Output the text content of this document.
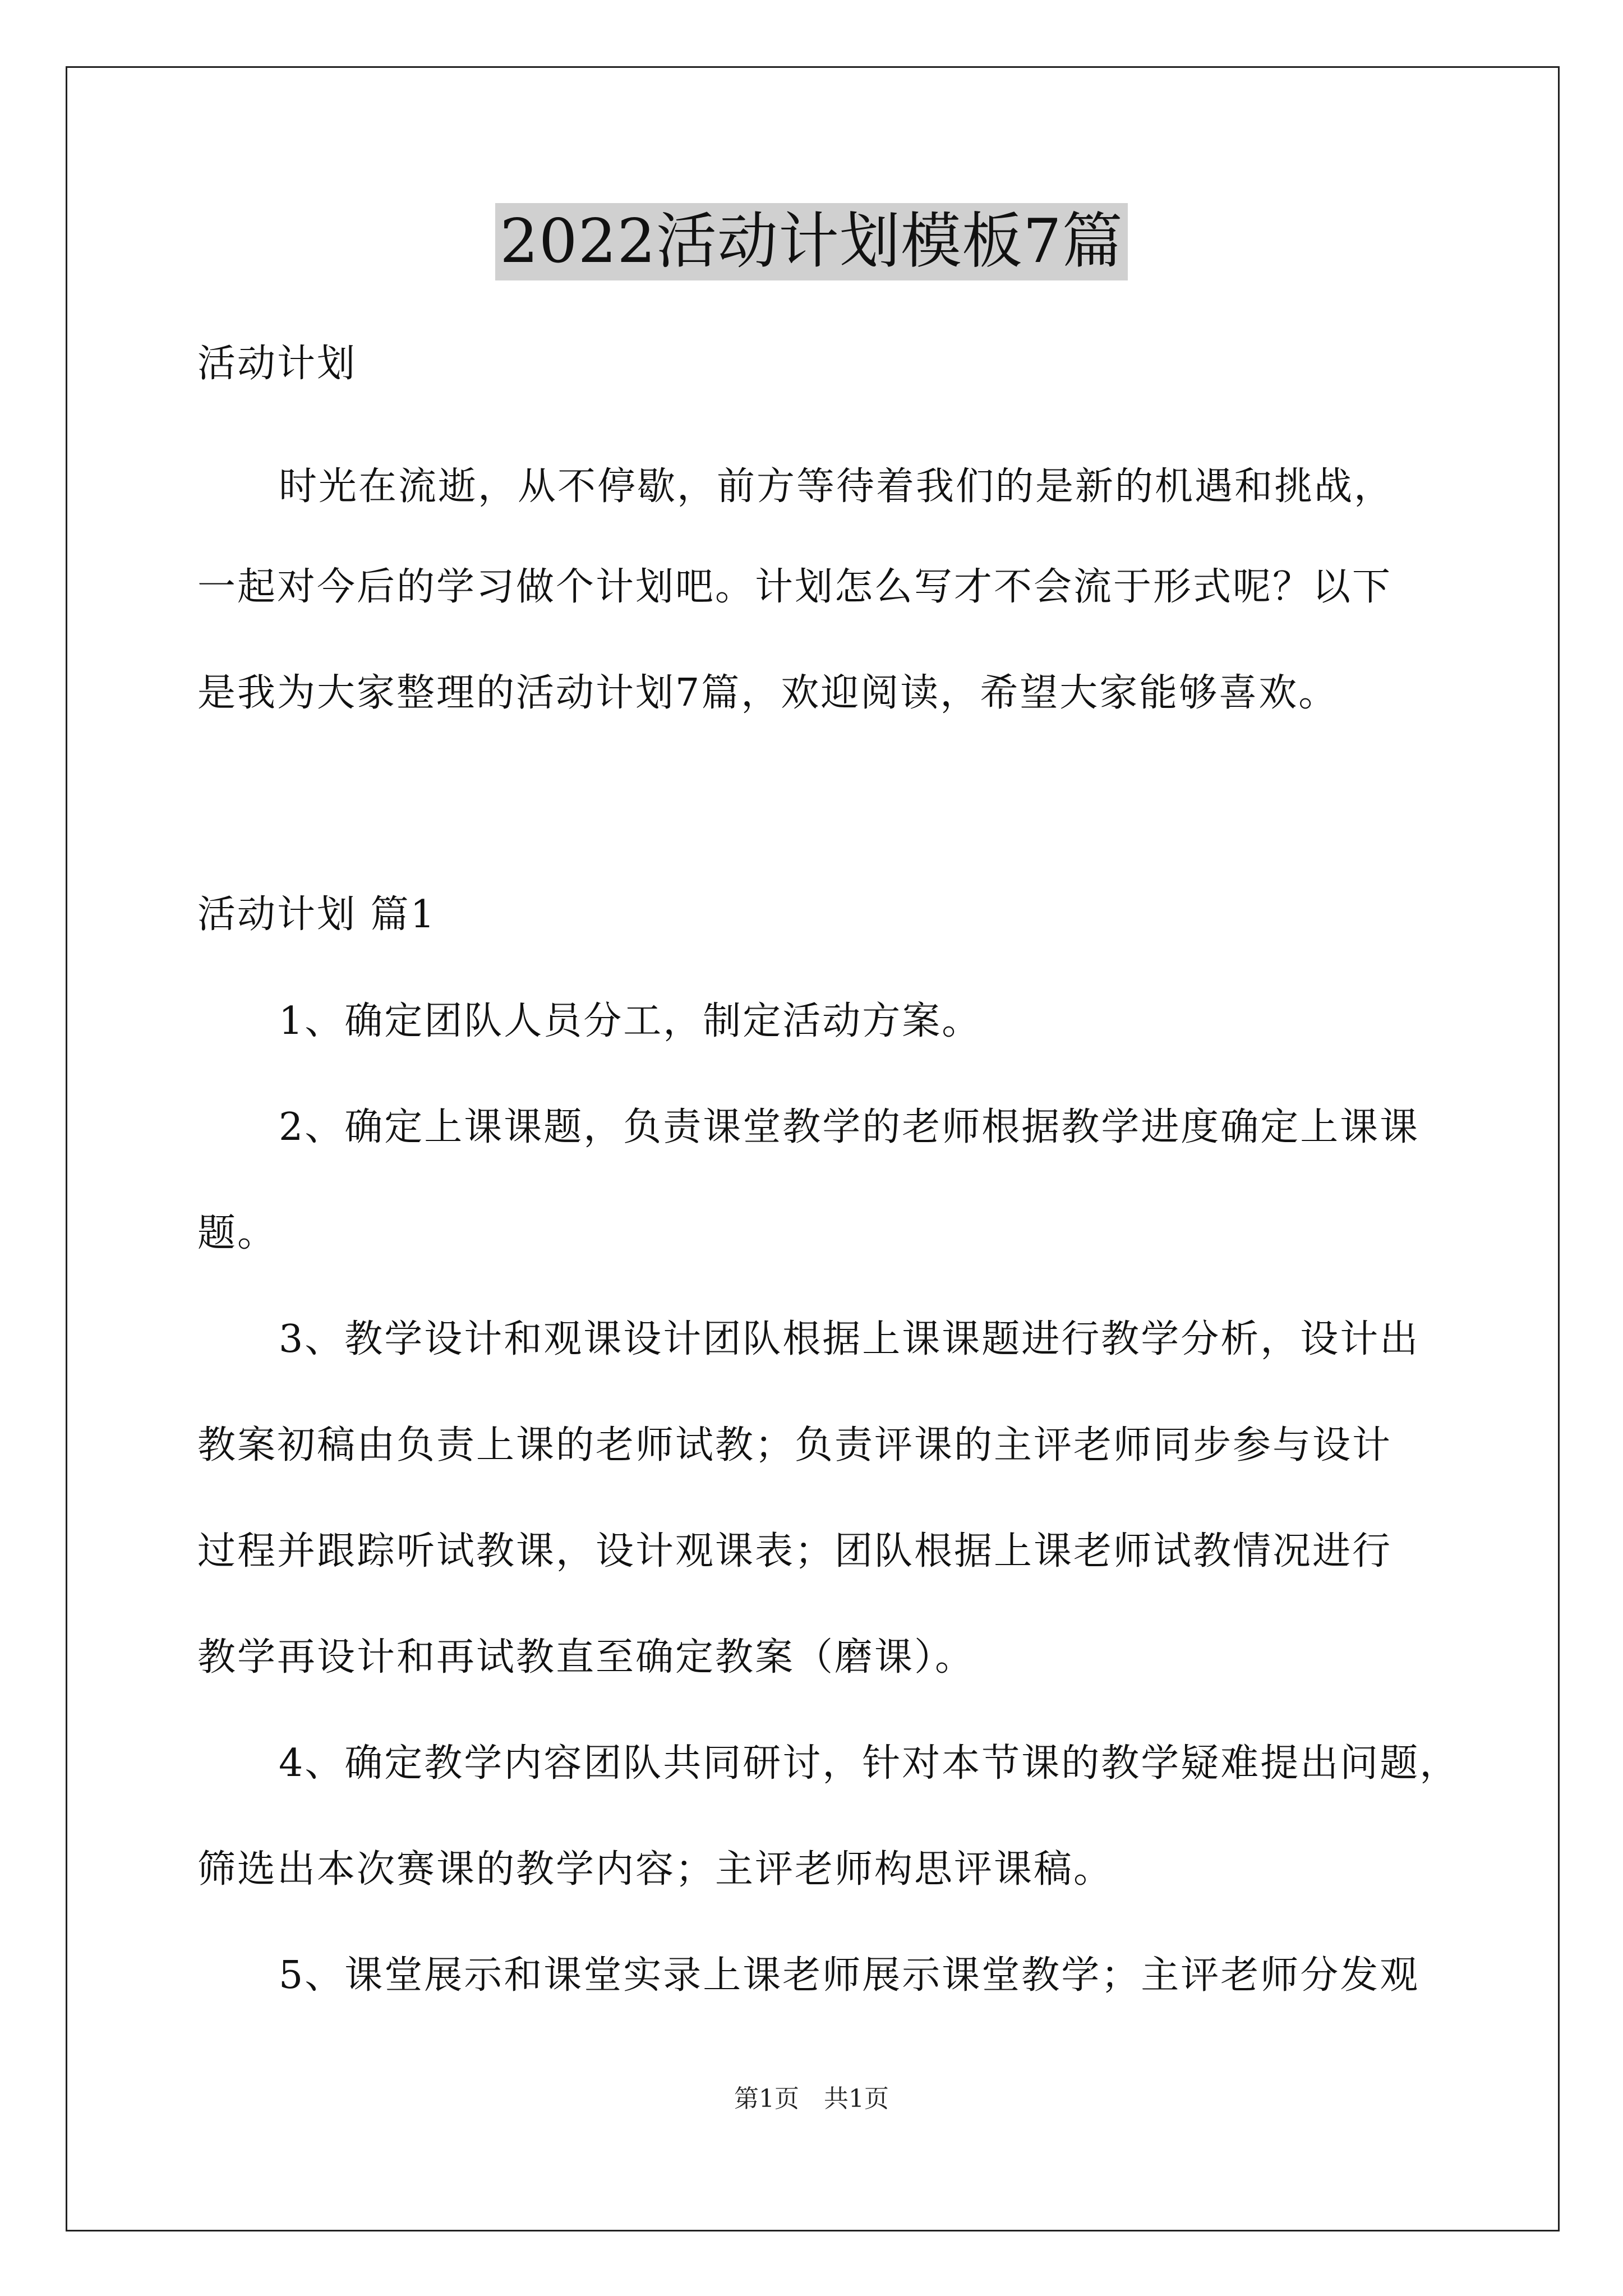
2022活动计划模板7篇
活动计划
时光在流逝，从不停歇，前方等待着我们的是新的机遇和挑战，
一起对今后的学习做个计划吧。计划怎么写才不会流于形式呢？以下
是我为大家整理的活动计划7篇，欢迎阅读，希望大家能够喜欢。
活动计划 篇1
1、确定团队人员分工，制定活动方案。
2、确定上课课题，负责课堂教学的老师根据教学进度确定上课课
题。
3、教学设计和观课设计团队根据上课课题进行教学分析，设计出
教案初稿由负责上课的老师试教；负责评课的主评老师同步参与设计
过程并跟踪听试教课，设计观课表；团队根据上课老师试教情况进行
教学再设计和再试教直至确定教案（磨课）。
4、确定教学内容团队共同研讨，针对本节课的教学疑难提出问题，
筛选出本次赛课的教学内容；主评老师构思评课稿。
5、课堂展示和课堂实录上课老师展示课堂教学；主评老师分发观
第1页　共1页
